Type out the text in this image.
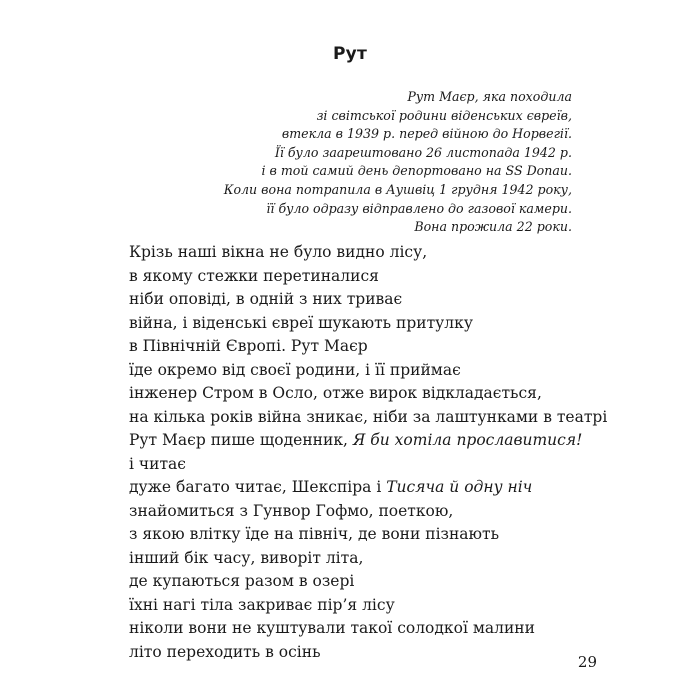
Рут
Рут Маєр, яка походила
зі світської родини віденських євреїв,
втекла в 1939 р. перед війною до Норвегії.
Її було заарештовано 26 листопада 1942 р.
і в той самий день депортовано на SS Donau.
Коли вона потрапила в Аушвіц 1 грудня 1942 року,
її було одразу відправлено до газової камери.
Вона прожила 22 роки.
Крізь наші вікна не було видно лісу,
в якому стежки перетиналися
ніби оповіді, в одній з них триває
війна, і віденські євреї шукають притулку
в Північній Європі. Рут Маєр
їде окремо від своєї родини, і її приймає
інженер Стром в Осло, отже вирок відкладається,
на кілька років війна зникає, ніби за лаштунками в театрі
Рут Маєр пише щоденник, Я би хотіла прославитися!
і читає
дуже багато читає, Шекспіра і Тисяча й одну ніч
знайомиться з Гунвор Гофмо, поеткою,
з якою влітку їде на північ, де вони пізнають
інший бік часу, виворіт літа,
де купаються разом в озері
їхні нагі тіла закриває пір’я лісу
ніколи вони не куштували такої солодкої малини
літо переходить в осінь
29
